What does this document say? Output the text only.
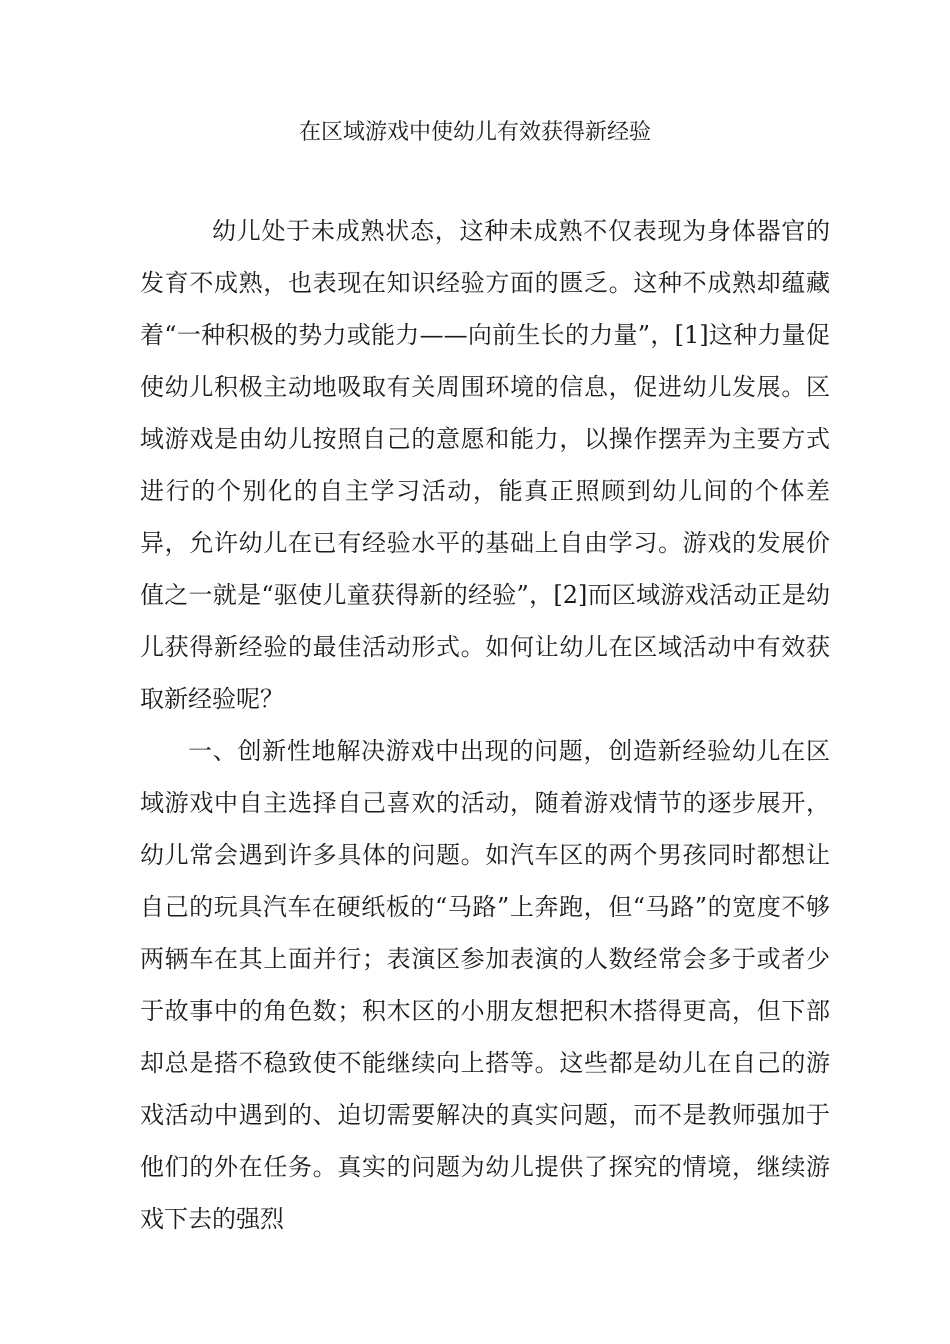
在区域游戏中使幼儿有效获得新经验

幼儿处于未成熟状态，这种未成熟不仅表现为身体器官的发育不成熟，也表现在知识经验方面的匮乏。这种不成熟却蕴藏着“一种积极的势力或能力——向前生长的力量”，[1]这种力量促使幼儿积极主动地吸取有关周围环境的信息，促进幼儿发展。区域游戏是由幼儿按照自己的意愿和能力，以操作摆弄为主要方式进行的个别化的自主学习活动，能真正照顾到幼儿间的个体差异，允许幼儿在已有经验水平的基础上自由学习。游戏的发展价值之一就是“驱使儿童获得新的经验”，[2]而区域游戏活动正是幼儿获得新经验的最佳活动形式。如何让幼儿在区域活动中有效获取新经验呢？

一、创新性地解决游戏中出现的问题，创造新经验幼儿在区域游戏中自主选择自己喜欢的活动，随着游戏情节的逐步展开，幼儿常会遇到许多具体的问题。如汽车区的两个男孩同时都想让自己的玩具汽车在硬纸板的“马路”上奔跑，但“马路”的宽度不够两辆车在其上面并行；表演区参加表演的人数经常会多于或者少于故事中的角色数；积木区的小朋友想把积木搭得更高，但下部却总是搭不稳致使不能继续向上搭等。这些都是幼儿在自己的游戏活动中遇到的、迫切需要解决的真实问题，而不是教师强加于他们的外在任务。真实的问题为幼儿提供了探究的情境，继续游戏下去的强烈
